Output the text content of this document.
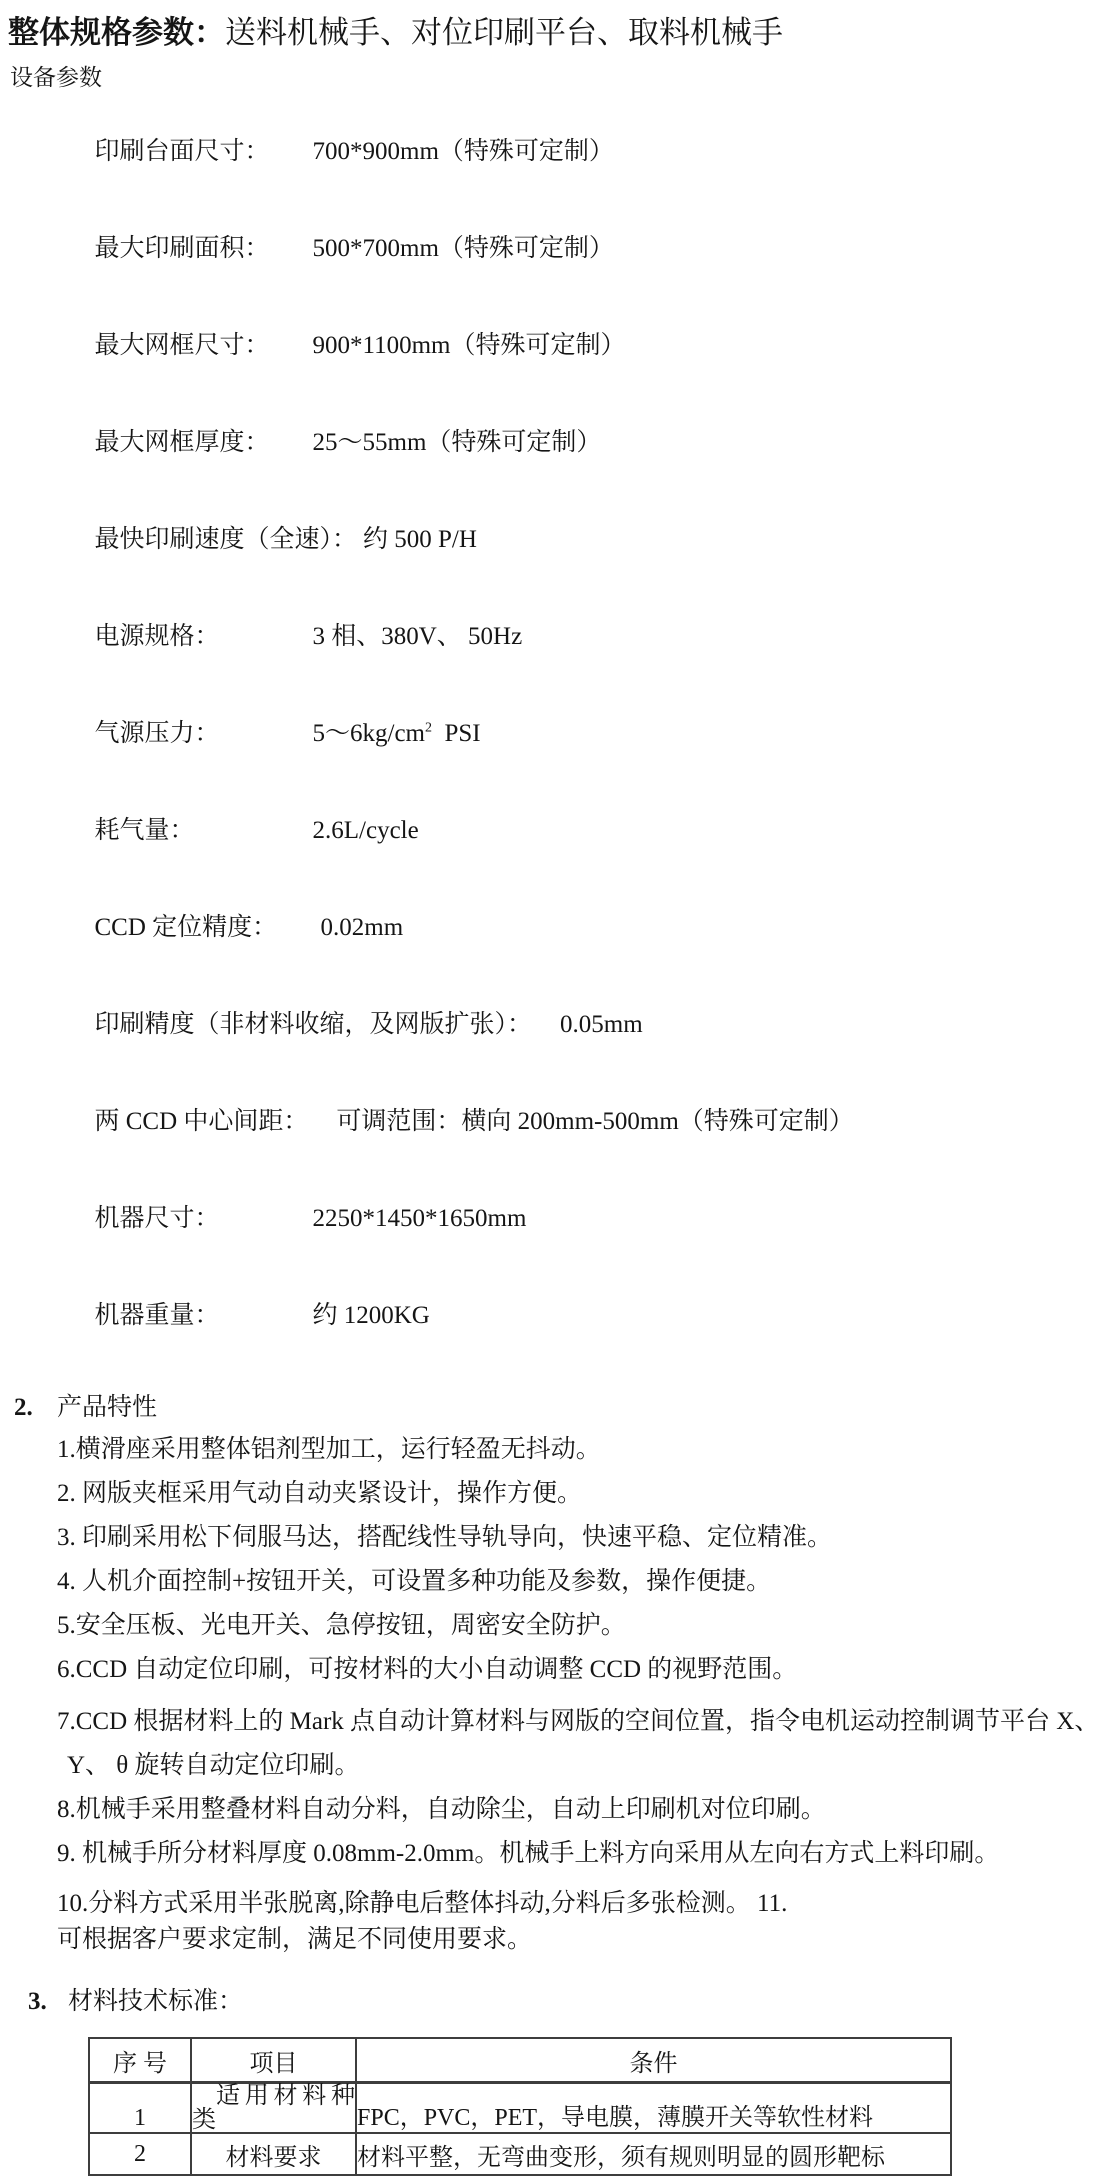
整体规格参数：送料机械手、对位印刷平台、取料机械手
设备参数

印刷台面尺寸： 700*900mm（特殊可定制）

最大印刷面积： 500*700mm（特殊可定制）

最大网框尺寸： 900*1100mm（特殊可定制）

最大网框厚度： 25～55mm（特殊可定制）

最快印刷速度（全速）： 约 500 P/H

电源规格：	3 相、380V、 50Hz

气源压力：	$5\sim 6kg/cm^2$  PSI

耗气量：	2.6L/cycle

CCD 定位精度： 0.02mm

印刷精度（非材料收缩，及网版扩张）： 0.05mm

两 CCD 中心间距： 可调范围：横向 200mm-500mm（特殊可定制）

机器尺寸：	2250*1450*1650mm

机器重量：	约 1200KG

2. 产品特性
1.横滑座采用整体铝剂型加工，运行轻盈无抖动。
2. 网版夹框采用气动自动夹紧设计，操作方便。
3. 印刷采用松下伺服马达，搭配线性导轨导向，快速平稳、定位精准。
4. 人机介面控制+按钮开关，可设置多种功能及参数，操作便捷。
5.安全压板、光电开关、急停按钮，周密安全防护。
6.CCD 自动定位印刷，可按材料的大小自动调整 CCD 的视野范围。
7.CCD 根据材料上的 Mark 点自动计算材料与网版的空间位置，指令电机运动控制调节平台 X、
Y、 θ 旋转自动定位印刷。
8.机械手采用整叠材料自动分料，自动除尘，自动上印刷机对位印刷。
9. 机械手所分材料厚度 0.08mm-2.0mm。机械手上料方向采用从左向右方式上料印刷。
10.分料方式采用半张脱离,除静电后整体抖动,分料后多张检测。 11.
可根据客户要求定制，满足不同使用要求。
3. 材料技术标准：
序 号	项目	条件
1	适用材料种类	FPC，PVC，PET，导电膜，薄膜开关等软性材料
2	材料要求	材料平整，无弯曲变形，须有规则明显的圆形靶标
